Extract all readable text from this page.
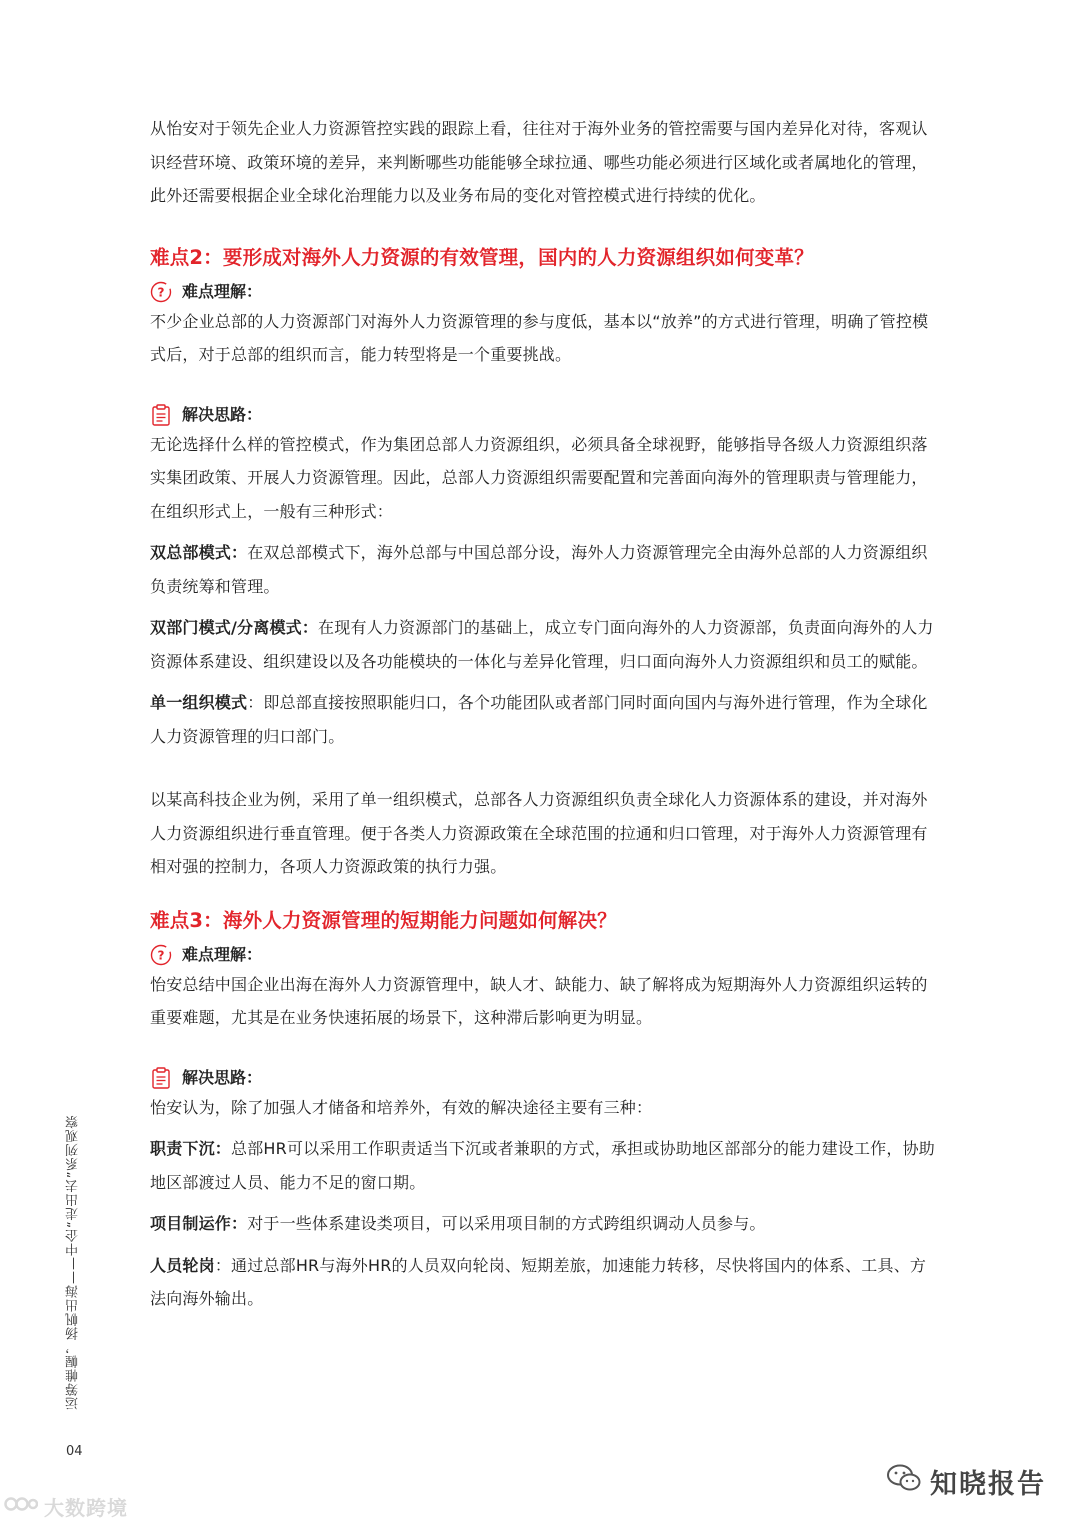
从怡安对于领先企业人力资源管控实践的跟踪上看，往往对于海外业务的管控需要与国内差异化对待，客观认识经营环境、政策环境的差异，来判断哪些功能能够全球拉通、哪些功能必须进行区域化或者属地化的管理，此外还需要根据企业全球化治理能力以及业务布局的变化对管控模式进行持续的优化。

难点2：要形成对海外人力资源的有效管理，国内的人力资源组织如何变革？
? 难点理解：

不少企业总部的人力资源部门对海外人力资源管理的参与度低，基本以“放养”的方式进行管理，明确了管控模式后，对于总部的组织而言，能力转型将是一个重要挑战。

解决思路：

无论选择什么样的管控模式，作为集团总部人力资源组织，必须具备全球视野，能够指导各级人力资源组织落实集团政策、开展人力资源管理。因此，总部人力资源组织需要配置和完善面向海外的管理职责与管理能力，在组织形式上，一般有三种形式：

双总部模式：在双总部模式下，海外总部与中国总部分设，海外人力资源管理完全由海外总部的人力资源组织负责统筹和管理。

双部门模式/分离模式：在现有人力资源部门的基础上，成立专门面向海外的人力资源部，负责面向海外的人力资源体系建设、组织建设以及各功能模块的一体化与差异化管理，归口面向海外人力资源组织和员工的赋能。

单一组织模式：即总部直接按照职能归口，各个功能团队或者部门同时面向国内与海外进行管理，作为全球化人力资源管理的归口部门。

以某高科技企业为例，采用了单一组织模式，总部各人力资源组织负责全球化人力资源体系的建设，并对海外人力资源组织进行垂直管理。便于各类人力资源政策在全球范围的拉通和归口管理，对于海外人力资源管理有相对强的控制力，各项人力资源政策的执行力强。

难点3：海外人力资源管理的短期能力问题如何解决？
? 难点理解：

怡安总结中国企业出海在海外人力资源管理中，缺人才、缺能力、缺了解将成为短期海外人力资源组织运转的重要难题，尤其是在业务快速拓展的场景下，这种滞后影响更为明显。

解决思路：

怡安认为，除了加强人才储备和培养外，有效的解决途径主要有三种：

职责下沉：总部HR可以采用工作职责适当下沉或者兼职的方式，承担或协助地区部部分的能力建设工作，协助地区部渡过人员、能力不足的窗口期。

项目制运作：对于一些体系建设类项目，可以采用项目制的方式跨组织调动人员参与。

人员轮岗：通过总部HR与海外HR的人员双向轮岗、短期差旅，加速能力转移，尽快将国内的体系、工具、方法向海外输出。

运筹帷幄，扬帆出海——中企“走出去”系列观察
04
大数跨境
知晓报告
